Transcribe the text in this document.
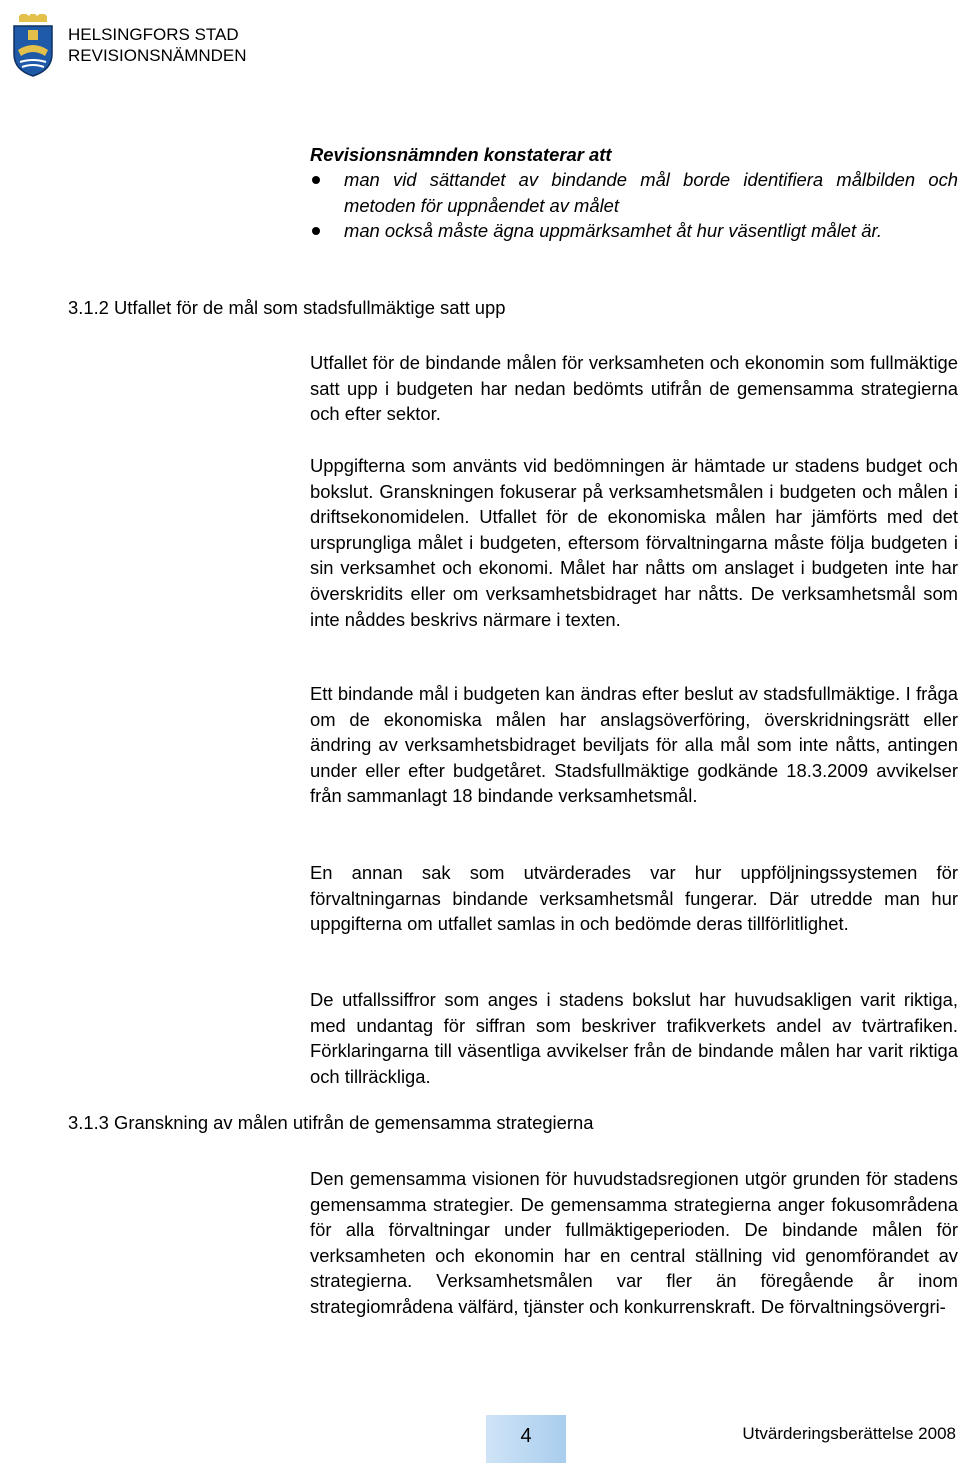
HELSINGFORS STAD
REVISIONSNÄMNDEN

Revisionsnämnden konstaterar att

man vid sättandet av bindande mål borde identifiera målbilden och metoden för uppnåendet av målet
man också måste ägna uppmärksamhet åt hur väsentligt målet är.
3.1.2 Utfallet för de mål som stadsfullmäktige satt upp

Utfallet för de bindande målen för verksamheten och ekonomin som fullmäktige satt upp i budgeten har nedan bedömts utifrån de gemensamma strategierna och efter sektor.

Uppgifterna som använts vid bedömningen är hämtade ur stadens budget och bokslut. Granskningen fokuserar på verksamhetsmålen i budgeten och målen i driftsekonomidelen. Utfallet för de ekonomiska målen har jämförts med det ursprungliga målet i budgeten, eftersom förvaltningarna måste följa budgeten i sin verksamhet och ekonomi. Målet har nåtts om anslaget i budgeten inte har överskridits eller om verksamhetsbidraget har nåtts. De verksamhetsmål som inte nåddes beskrivs närmare i texten.

Ett bindande mål i budgeten kan ändras efter beslut av stadsfullmäktige. I fråga om de ekonomiska målen har anslagsöverföring, överskridningsrätt eller ändring av verksamhetsbidraget beviljats för alla mål som inte nåtts, antingen under eller efter budgetåret. Stadsfullmäktige godkände 18.3.2009 avvikelser från sammanlagt 18 bindande verksamhetsmål.

En annan sak som utvärderades var hur uppföljningssystemen för förvaltningarnas bindande verksamhetsmål fungerar. Där utredde man hur uppgifterna om utfallet samlas in och bedömde deras tillförlitlighet.

De utfallssiffror som anges i stadens bokslut har huvudsakligen varit riktiga, med undantag för siffran som beskriver trafikverkets andel av tvärtrafiken. Förklaringarna till väsentliga avvikelser från de bindande målen har varit riktiga och tillräckliga.

3.1.3 Granskning av målen utifrån de gemensamma strategierna

Den gemensamma visionen för huvudstadsregionen utgör grunden för stadens gemensamma strategier. De gemensamma strategierna anger fokusområdena för alla förvaltningar under fullmäktigeperioden. De bindande målen för verksamheten och ekonomin har en central ställning vid genomförandet av strategierna. Verksamhetsmålen var fler än föregående år inom strategiområdena välfärd, tjänster och konkurrenskraft. De förvaltningsövergri-

4	Utvärderingsberättelse 2008
